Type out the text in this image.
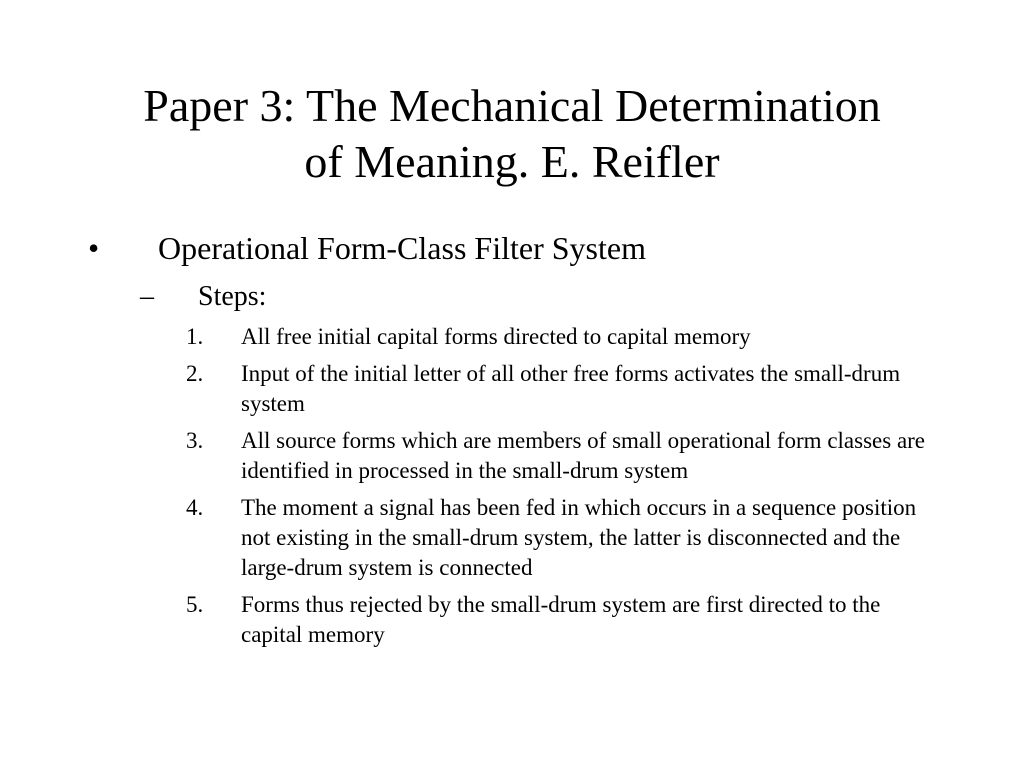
Paper 3: The Mechanical Determination
of Meaning. E. Reifler
• Operational Form-Class Filter System
– Steps:
1.	All free initial capital forms directed to capital memory
2.	Input of the initial letter of all other free forms activates the small-drum system
3.	All source forms which are members of small operational form classes are identified in processed in the small-drum system
4.	The moment a signal has been fed in which occurs in a sequence position not existing in the small-drum system, the latter is disconnected and the large-drum system is connected
5.	Forms thus rejected by the small-drum system are first directed to the capital memory
